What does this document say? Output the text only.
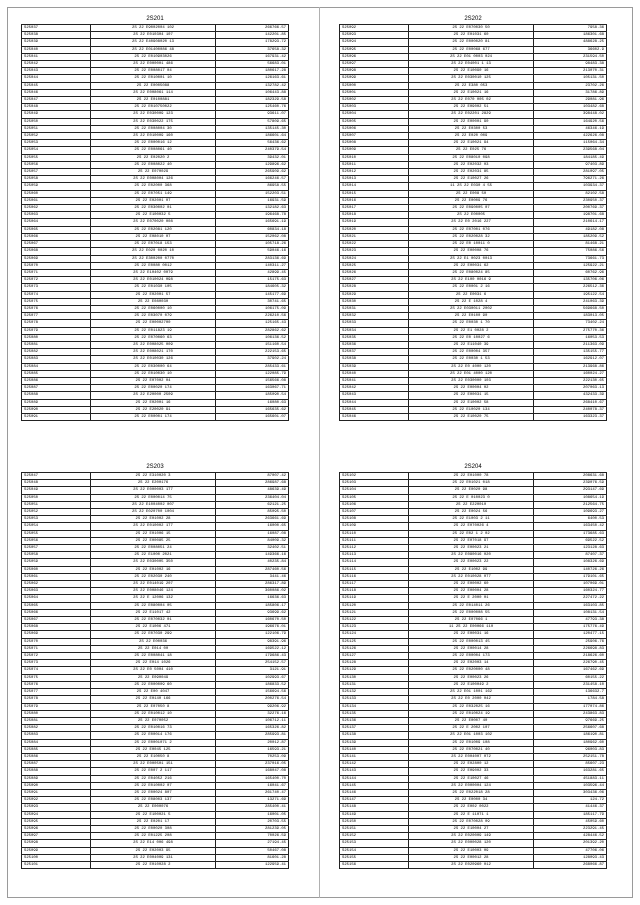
2S201
S25037	2S 22 E9002004 102	266766.57
S25038	2S 22 E010304 107	142201.85
S25039	2S 22 E40908020 13	178293.72
S25040	2S 22 E01400086 48	37658.32
S25041	2S 22 E010903026	167931.42
S25042	2S 22 E000001 486	56683.01
S25043	2S 22 E008017 04	180617.28
S25044	2S 22 E010001 10	126163.61
S25045	2S 22 E0005088	132782.42
S25046	2S 22 E008061 114	106443.88
S25047	2S 22 E0100881	182329.58
S25048	2S 22 E010750022	125460.76
S25049	2S 22 E030009 123	93611.07
S25050	2S 22 E030022 175	57809.65
S25051	2S 22 E008004 30	135145.30
S25052	2S 22 E010009 160	186601.64
S25053	2S 22 E000016 12	56436.62
S25054	2S 22 E008061 40	240379.54
S25055	2S 22 E02020 2	39432.01
S25056	2S 22 E008022 40	129896.62
S25057	2S 22 E070029	265909.62
S25058	2S 22 E008004 126	166246.57
S25059	2S 22 E02000 368	86958.55
S25060	2S 22 E07051 149	152203.51
S25061	2S 22 E02001 07	16931.59
S25062	2S 22 E030002 01	132182.63
S25063	2S 22 E100032 5	196468.78
S25064	2S 22 E070020 008	165691.19
S25065	2S 22 E02081 120	60834.18
S25066	2S 22 E08010 07	152062.08
S25067	2S 22 E07018 153	105718.26
S25068	2S 22 E020 0020 10	59046.16
S25069	2S 22 E300200 0770	283136.69
S25070	2S 22 E0080 0012	140311.27
S25071	2S 22 E10402 0079	42899.45
S25072	2S 22 E010024 098	15175.63
S25073	2S 22 E01030 105	184605.32
S25074	2S 22 E02001 57	145177.69
S25075	2S 22 E080030	30741.65
S25076	2S 22 E060000 10	106175.09
S25077	2S 22 E03070 079	226210.56
S25078	2S 22 E00002700	125165.43
S25079	2S 22 E011823 19	282862.62
S25080	2S 22 E070060 63	106136.52
S25081	2S 22 E008025 009	151160.54
S25082	2S 22 E008021 170	222153.65
S25083	2S 22 E010030 126	37902.24
S25084	2S 22 E030000 64	285433.61
S25085	2S 22 E010030 10	122085.79
S25086	2S 22 E07002 04	156566.08
S25087	2S 22 E00020 174	163067.71
S25088	2S 22 E20000 2509	185090.54
S25089	2S 22 E02001 16	16080.63
S25090	2S 22 E20020 91	165635.62
S25091	2S 22 E00001 174	165601.07
2S202
S25092	2S 22 E070030 50	7958.36
S25093	2S 22 E01031 60	186301.68
S25094	2S 22 E000020 81	488628.25
S25095	2S 22 E00068 677	36602.9
S25096	2S 22 E01 0003 024	231594.50
S25097	2S 22 E04001 1 13	98483.38
S25098	2S 22 E10090 16	213070.31
S25099	2S 22 E030010 125	105131.50
S25000	2S 22 E380 053	23702.26
S25001	2S 22 E10021 16	31786.89
S25002	2S 22 E070 005 02	29081.96
S25003	2S 22 E09002 51	103482.68
S25004	2S 22 E02201 2829	398448.02
S25005	2S 22 E00001 90	164920.56
S25006	2S 22 E0300 53	46346.19
S25007	2S 22 E020 009	422626.08
S25008	2S 22 E10021 94	115064.34
S25009	2S 22 E025 76	239568.04
S25010	2S 22 E08010 098	184185.49
S25011	2S 22 E02032 03	97403.89
S25012	2S 22 E02031 85	281097.05
S25013	2S 22 E10027 26	796271.26
S25014	11 2S 22 E030 4 55	103934.37
S25015	2S 22 E008 50	82102.58
S25016	2S 22 E0009 76	230950.37
S25017	2S 22 E090005 07	200769.37
S25018	2S 22 E00005	198701.68
S25019	2S 22 E0 2016 227	210614.17
S25020	2S 22 E07001 076	49182.08
S25021	2S 22 E020028 32	185209.52
S25022	2S 22 E0 10011 0	81468.21
S25023	2S 22 E00008 76	75086.56
S25024	2S 22 E1 0023 0013	73661.73
S25025	2S 22 E00031 62	125922.21
S25026	2S 22 E080024 85	60762.96
S25027	2S 22 E100 0016 9	135706.06
S25028	2S 22 E0001 2 16	226512.36
S25029	2S 22 E0031 6	195122.54
S25030	2S 22 E 1028 4	241063.39
S25031	2S 22 E030011 2002	569668.50
S25032	2S 22 E0100 90	183013.05
S25033	2S 22 E0030 1 70	73402.24
S25034	2S 22 E1 0028 2	275770.36
S25035	2S 22 E0 10027 6	16053.53
S25036	2S 22 E11040 39	211363.09
S25037	2S 22 E00004 357	135155.77
S25038	2S 22 E0030 1 53	162912.07
S25039	2S 22 E0 4000 120	213968.86
S25040	2S 22 E01 4000 120	160024.27
S25041	2S 22 E030000 103	222130.65
S25042	2S 22 E00004 02	207063.13
S25043	2S 22 E00031 15	432433.39
S25044	2S 22 E10002 58	268410.67
S25045	2S 22 E10020 134	240078.37
S25046	2S 22 E10020 75	163323.37
2S203
S25047	2S 22 E310020 3	87007.42
S25048	2S 22 E200176	286987.68
S25049	2S 22 E000003 177	48639.49
S25050	2S 22 E000014 75	236404.04
S25051	2S 22 E1004002 007	62121.25
S25052	2S 22 E020700 1004	85095.50
S25053	2S 22 E01002 28	263661.69
S25054	2S 22 E010002 177	16000.65
S25055	2S 22 E01006 15	16087.08
S25056	2S 22 E00085 25	84009.32
S25057	2S 22 E008051 24	32402.51
S25058	2S 22 E1000 2021	149366.16
S25059	2S 22 E030005 350	40235.84
S25060	2S 22 E01002 16	287460.56
S25061	2S 22 E02030 240	3441.46
S25062	2S 22 E014019 207	286317.89
S25063	2S 22 E008046 124	360086.02
S25064	2S 22 E 12006 132	16636.63
S25065	2S 22 E080004 05	185806.17
S25066	2S 22 E11017 42	93699.62
S25067	2S 22 E070032 01	160670.50
S25068	2S 22 E1006 471	196676.01
S25069	2S 22 E07030 299	122106.79
S25070	2S 22 E00036	98391.96
S25071	2S 22 E014 00	169522.12
S25072	2S 22 E008041 18	179686.43
S25073	2S 22 E014 1026	254152.57
S25074	2S 22 E0 5004 410	3121.91
S25075	2S 22 E090049	102993.67
S25076	2S 22 E000009 60	186833.52
S25077	2S 22 E00 4047	156694.56
S25078	2S 22 E0140 166	200276.54
S25079	2S 22 E07050 8	99206.92
S25080	2S 22 E010012 10	32276.16
S25081	2S 22 E070052	106712.11
S25082	2S 22 E010016 73	165326.82
S25083	2S 22 E00014 176	285993.81
S25084	2S 22 E0001071 2	20012.87
S25085	2S 22 E0045 125	16593.21
S25086	2S 22 E10050 8	70253.09
S25087	2S 22 E000501 151	237016.05
S25088	2S 22 E007 2 117	168047.08
S25089	2S 22 E04052 216	165400.70
S25090	2S 22 E010002 07	16041.67
S25091	2S 22 E00024 807	261740.47
S25092	2S 22 E08003 137	13271.69
S25093	2S 22 E000076	285400.41
S25094	2S 22 E100021 5	16001.05
S25095	2S 22 E0201 17	20703.55
S25096	2S 22 E00020 308	281239.05
S25097	2S 22 E01225 208	70026.59
S25098	2S 22 E14 006 498	27194.45
S25099	2S 22 E02003 95	50467.08
S25100	2S 22 E004009 131	81601.28
S25101	2S 22 E010028 2	122959.41
2S204
S25102	2S 22 E01000 78	208631.68
S25103	2S 22 E01021 018	239076.59
S25104	2S 22 E0020 98	293147.69
S25105	2S 22 E 010023 0	108654.19
S25106	2S 22 E220010	212564.75
S25107	2S 22 E0024 56	109693.27
S25108	2S 22 E1003 2 11	6400.53
S25109	2S 22 E070026 4	163450.42
S25110	2S 22 E02 1 2 02	173685.63
S25111	2S 22 E07018 97	69522.52
S25112	2S 22 E00023 21	123128.63
S25113	2S 22 E080016 020	87407.37
S25114	2S 22 E00023 22	108326.69
S25115	2S 22 E1002 99	140726.26
S25116	2S 22 E010028 077	179101.65
S25117	2S 22 E00002 60	107069.01
S25118	2S 22 E00004 28	160324.77
S25119	2S 22 E 2000 01	227472.22
S25120	2S 22 E014011 26	163103.85
S25121	2S 22 E000008 55	108131.54
S25122	2S 22 E07066 1	47793.38
S25123	11 2S 22 E00066 110	175776.49
S25124	2S 22 E00031 16	120477.15
S25125	2S 22 E000013 45	25906.76
S25126	2S 22 E00014 28	226698.83
S25127	2S 22 E00004 173	218626.60
S25128	2S 22 E02003 14	226790.45
S25129	2S 22 E020000 48	167462.69
S25130	2S 22 E00023 26	60155.22
S25131	2S 22 E100049 2	231458.10
S25132	2S 22 E01 1001 162	136632.7
S25133	2S 22 E0 2000 042	1784.58
S25134	2S 22 E032025 16	177074.86
S25135	2S 22 E010024 19	243863.83
S25136	2S 22 E0007 40	97669.25
S25137	2S 22 E 2002 107	256607.68
S25138	2S 22 E01 1003 102	186190.81
S25139	2S 22 E01009 108	180962.60
S25140	2S 22 E070021 40	96003.83
S25141	2S 22 E004007 072	252151.78
S25142	2S 22 E02800 12	85607.23
S25143	2S 22 E09002 33	163281.65
S25144	2S 22 E10027 46	451883.11
S25145	2S 22 E000004 124	103596.44
S25146	2S 22 E022018 28	303436.06
S25147	2S 22 E0000 34	124.72
S25148	2S 22 E002 0022	41446.37
S25149	2S 22 E 11071 1	185117.79
S25150	2S 22 E070028 09	45059.60
S25151	2S 22 E10004 27	223291.45
S25152	2S 22 E020009 149	428446.52
S25153	2S 22 E000028 120	201392.20
S25154	2S 22 E10003 09	47706.06
S25155	2S 22 E00012 28	128093.43
S25156	2S 22 E020960 012	268066.87
